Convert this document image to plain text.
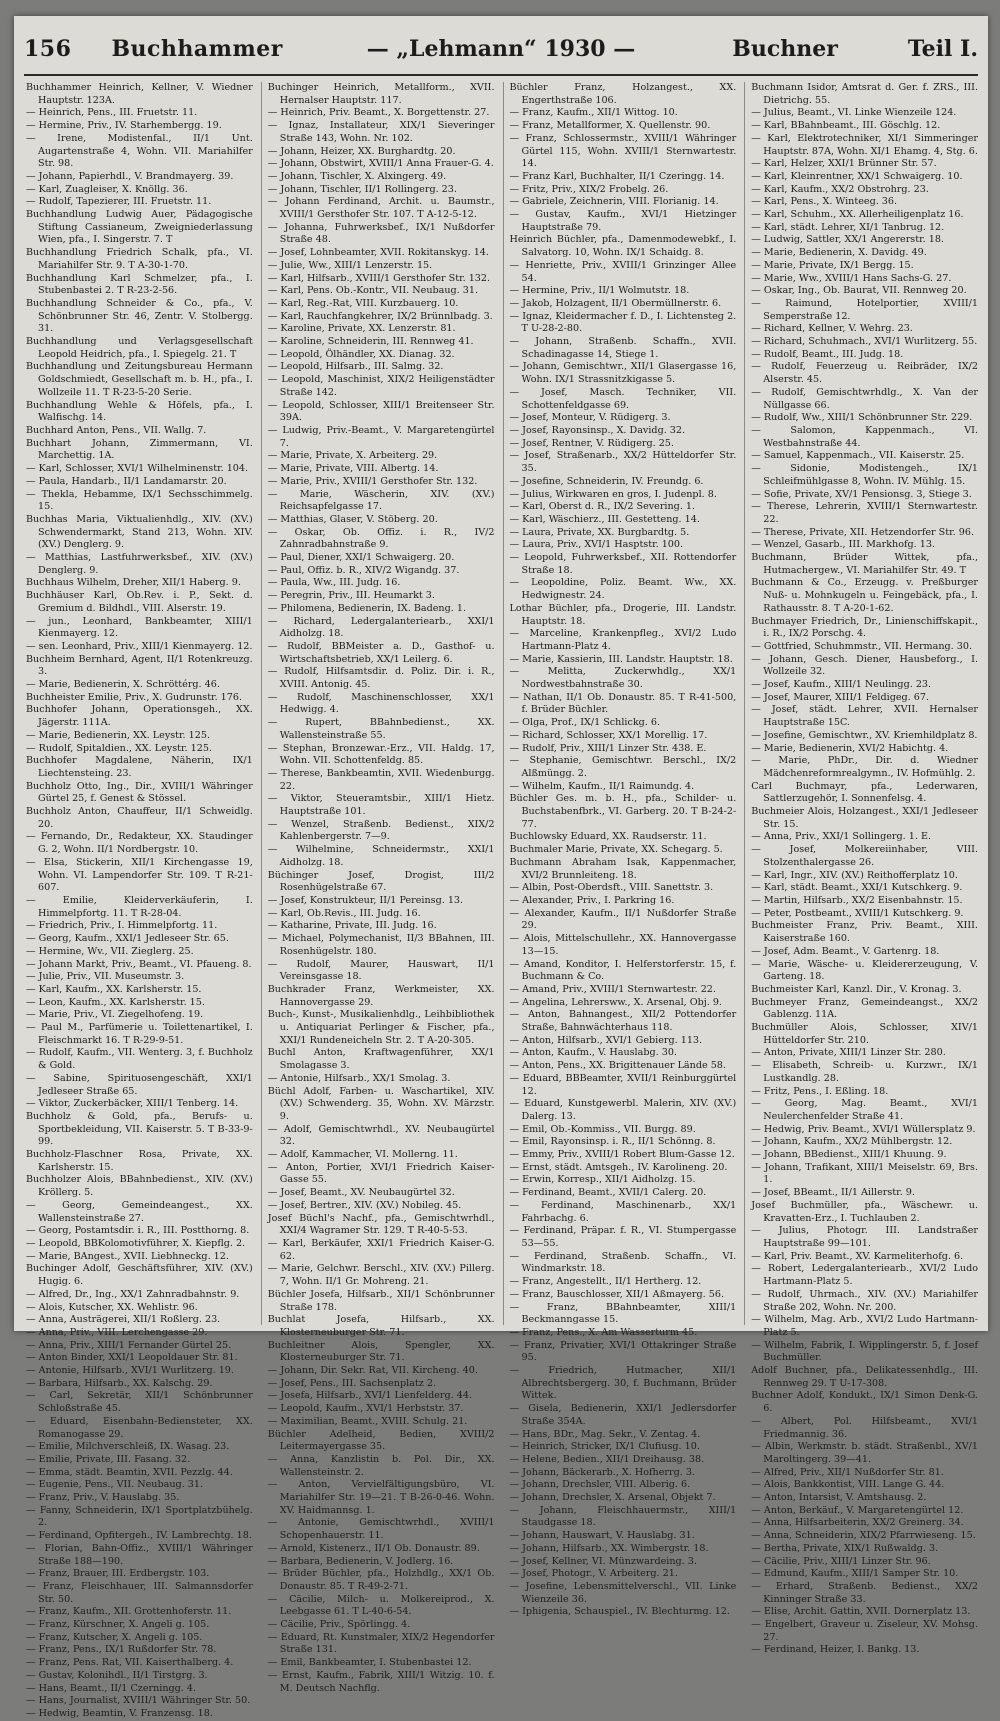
156 Buchhammer	— „Lehmann“ 1930 —	Buchner	Teil I.
Buchhammer Heinrich, Kellner, V. Wiedner Hauptstr. 123A.
— Heinrich, Pens., III. Fruetstr. 11.
— Hermine, Priv., IV. Starhembergg. 19.
— Irene, Modistenfal., II/1 Unt. Augartenstraße 4, Wohn. VII. Mariahilfer Str. 98.
— Johann, Papierhdl., V. Brandmayerg. 39.
— Karl, Zuagleiser, X. Knöllg. 36.
— Rudolf, Tapezierer, III. Fruetstr. 11.
Buchhandlung Ludwig Auer, Pädagogische Stiftung Cassianeum, Zweigniederlassung Wien, pfa., I. Singerstr. 7. T
Buchhandlung Friedrich Schalk, pfa., VI. Mariahilfer Str. 9. T A-30-1-70.
Buchhandlung Karl Schmelzer, pfa., I. Stubenbastei 2. T R-23-2-56.
Buchhandlung Schneider & Co., pfa., V. Schönbrunner Str. 46, Zentr. V. Stolbergg. 31.
Buchhandlung und Verlagsgesellschaft Leopold Heidrich, pfa., I. Spiegelg. 21. T
Buchhandlung und Zeitungsbureau Hermann Goldschmiedt, Gesellschaft m. b. H., pfa., I. Wollzeile 11. T R-23-5-20 Serie.
Buchhandlung Wehle & Höfels, pfa., I. Walfischg. 14.
Buchhard Anton, Pens., VII. Wallg. 7.
Buchhart Johann, Zimmermann, VI. Marchettig. 1A.
— Karl, Schlosser, XVI/1 Wilhelminenstr. 104.
— Paula, Handarb., II/1 Landamarstr. 20.
— Thekla, Hebamme, IX/1 Sechsschimmelg. 15.
Buchhas Maria, Viktualienhdlg., XIV. (XV.) Schwendermarkt, Stand 213, Wohn. XIV. (XV.) Denglerg. 9.
— Matthias, Lastfuhrwerksbef., XIV. (XV.) Denglerg. 9.
Buchhaus Wilhelm, Dreher, XII/1 Haberg. 9.
Buchhäuser Karl, Ob.Rev. i. P., Sekt. d. Gremium d. Bildhdl., VIII. Alserstr. 19.
— jun., Leonhard, Bankbeamter, XIII/1 Kienmayerg. 12.
— sen. Leonhard, Priv., XIII/1 Kienmayerg. 12.
Buchheim Bernhard, Agent, II/1 Rotenkreuzg. 3.
— Marie, Bedienerin, X. Schröttérg. 46.
Buchheister Emilie, Priv., X. Gudrunstr. 176.
Buchhofer Johann, Operationsgeh., XX. Jägerstr. 111A.
— Marie, Bedienerin, XX. Leystr. 125.
— Rudolf, Spitaldien., XX. Leystr. 125.
Buchhofer Magdalene, Näherin, IX/1 Liechtensteing. 23.
Buchholz Otto, Ing., Dir., XVIII/1 Währinger Gürtel 25, f. Genest & Stössel.
Buchholz Anton, Chauffeur, II/1 Schweidlg. 20.
— Fernando, Dr., Redakteur, XX. Staudinger G. 2, Wohn. II/1 Nordbergstr. 10.
— Elsa, Stickerin, XII/1 Kirchengasse 19, Wohn. VI. Lampendorfer Str. 109. T R-21-607.
— Emilie, Kleiderverkäuferin, I. Himmelpfortg. 11. T R-28-04.
— Friedrich, Priv., I. Himmelpfortg. 11.
— Georg, Kaufm., XXI/1 Jedleseer Str. 65.
— Hermine, Wv., VII. Zieglerg. 25.
— Johann Markt, Priv., Beamt., VI. Pfaueng. 8.
— Julie, Priv., VII. Museumstr. 3.
— Karl, Kaufm., XX. Karlsherstr. 15.
— Leon, Kaufm., XX. Karlsherstr. 15.
— Marie, Priv., VI. Ziegelhofeng. 19.
— Paul M., Parfümerie u. Toilettenartikel, I. Fleischmarkt 16. T R-29-9-51.
— Rudolf, Kaufm., VII. Wenterg. 3, f. Buchholz & Gold.
— Sabine, Spirituosengeschäft, XXI/1 Jedleseer Straße 65.
— Viktor, Zuckerbäcker, XIII/1 Tenberg. 14.
Buchholz & Gold, pfa., Berufs- u. Sportbekleidung, VII. Kaiserstr. 5. T B-33-9-99.
Buchholz-Flaschner Rosa, Private, XX. Karlsherstr. 15.
Buchholzer Alois, BBahnbedienst., XIV. (XV.) Kröllerg. 5.
— Georg, Gemeindeangest., XX. Wallensteinstraße 27.
— Georg, Postamtsdir. i. R., III. Postthorng. 8.
— Leopold, BBKolomotivführer, X. Kiepflg. 2.
— Marie, BAngest., XVII. Liebhneckg. 12.
Buchinger Adolf, Geschäftsführer, XIV. (XV.) Hugig. 6.
— Alfred, Dr., Ing., XX/1 Zahnradbahnstr. 9.
— Alois, Kutscher, XX. Wehlistr. 96.
— Anna, Austrägerei, XII/1 Roßlerg. 23.
— Anna, Priv., VIII. Lerchengasse 29.
— Anna, Priv., XIII/1 Fernander Gürtel 25.
— Anton Binder, XXI/1 Leopoldauer Str. 81.
— Antonie, Hilfsarb., XVI/1 Wurlitzerg. 19.
— Barbara, Hilfsarb., XX. Kalschg. 29.
— Carl, Sekretär, XII/1 Schönbrunner Schloßstraße 45.
— Eduard, Eisenbahn-Bediensteter, XX. Romanogasse 29.
— Emilie, Milchverschleiß, IX. Wasag. 23.
— Emilie, Private, III. Fasang. 32.
— Emma, städt. Beamtin, XVII. Pezzlg. 44.
— Eugenie, Pens., VII. Neubaug. 31.
— Franz, Priv., V. Hauslabg. 35.
— Fanny, Schneiderin, IX/1 Sportplatzbühelg. 2.
— Ferdinand, Opfitergeh., IV. Lambrechtg. 18.
— Florian, Bahn-Offiz., XVIII/1 Währinger Straße 188—190.
— Franz, Brauer, III. Erdbergstr. 103.
— Franz, Fleischhauer, III. Salmannsdorfer Str. 50.
— Franz, Kaufm., XII. Grottenhoferstr. 11.
— Franz, Kürschner, X. Angeli g. 105.
— Franz, Kutscher, X. Angeli g. 105.
— Franz, Pens., IX/1 Rußdorfer Str. 78.
— Franz, Pens. Rat, VII. Kaiserthalberg. 4.
— Gustav, Kolonihdl., II/1 Tirstgrg. 3.
— Hans, Beamt., II/1 Czerningg. 4.
— Hans, Journalist, XVIII/1 Währinger Str. 50.
— Hedwig, Beamtin, V. Franzensg. 18.
Buchinger Heinrich, Metallform., XVII. Hernalser Hauptstr. 117.
— Heinrich, Priv. Beamt., X. Borgettenstr. 27.
— Ignaz, Installateur, XIX/1 Sieveringer Straße 143, Wohn. Nr. 102.
— Johann, Heizer, XX. Burghardtg. 20.
— Johann, Obstwirt, XVIII/1 Anna Frauer-G. 4.
— Johann, Tischler, X. Alxingerg. 49.
— Johann, Tischler, II/1 Rollingerg. 23.
— Johann Ferdinand, Archit. u. Baumstr., XVIII/1 Gersthofer Str. 107. T A-12-5-12.
— Johanna, Fuhrwerksbef., IX/1 Nußdorfer Straße 48.
— Josef, Lohnbeamter, XVII. Rokitanskyg. 14.
— Julie, Ww., XIII/1 Lenzerstr. 15.
— Karl, Hilfsarb., XVIII/1 Gersthofer Str. 132.
— Karl, Pens. Ob.-Kontr., VII. Neubaug. 31.
— Karl, Reg.-Rat, VIII. Kurzbauerg. 10.
— Karl, Rauchfangkehrer, IX/2 Brünnlbadg. 3.
— Karoline, Private, XX. Lenzerstr. 81.
— Karoline, Schneiderin, III. Rennweg 41.
— Leopold, Ölhändler, XX. Dianag. 32.
— Leopold, Hilfsarb., III. Salmg. 32.
— Leopold, Maschinist, XIX/2 Heiligenstädter Straße 142.
— Leopold, Schlosser, XIII/1 Breitenseer Str. 39A.
— Ludwig, Priv.-Beamt., V. Margaretengürtel 7.
— Marie, Private, X. Arbeiterg. 29.
— Marie, Private, VIII. Albertg. 14.
— Marie, Priv., XVIII/1 Gersthofer Str. 132.
— Marie, Wäscherin, XIV. (XV.) Reichsapfelgasse 17.
— Matthias, Glaser, V. Stöberg. 20.
— Oskar, Ob. Offiz. i. R., IV/2 Zahnradbahnstraße 9.
— Paul, Diener, XXI/1 Schwaigerg. 20.
— Paul, Offiz. b. R., XIV/2 Wigandg. 37.
— Paula, Ww., III. Judg. 16.
— Peregrin, Priv., III. Heumarkt 3.
— Philomena, Bedienerin, IX. Badeng. 1.
— Richard, Ledergalanteriearb., XXI/1 Aidholzg. 18.
— Rudolf, BBMeister a. D., Gasthof- u. Wirtschaftsbetrieb, XX/1 Leilerg. 6.
— Rudolf, Hilfsamtsdir. d. Poliz. Dir. i. R., XVIII. Antonig. 45.
— Rudolf, Maschinenschlosser, XX/1 Hedwigg. 4.
— Rupert, BBahnbedienst., XX. Wallensteinstraße 55.
— Stephan, Bronzewar.-Erz., VII. Haldg. 17, Wohn. VII. Schottenfeldg. 85.
— Therese, Bankbeamtin, XVII. Wiedenburgg. 22.
— Viktor, Steueramtsbir., XIII/1 Hietz. Hauptstraße 101.
— Wenzel, Straßenb. Bedienst., XIX/2 Kahlenbergerstr. 7—9.
— Wilhelmine, Schneidermstr., XXI/1 Aidholzg. 18.
Büchinger Josef, Drogist, III/2 Rosenhügelstraße 67.
— Josef, Konstrukteur, II/1 Pereinsg. 13.
— Karl, Ob.Revis., III. Judg. 16.
— Katharine, Private, III. Judg. 16.
— Michael, Polymechanist, II/3 BBahnen, III. Rosenhügelstr. 180.
— Rudolf, Maurer, Hauswart, II/1 Vereinsgasse 18.
Buchkrader Franz, Werkmeister, XX. Hannovergasse 29.
Buch-, Kunst-, Musikalienhdlg., Leihbibliothek u. Antiquariat Perlinger & Fischer, pfa., XXI/1 Rundeneicheln Str. 2. T A-20-305.
Buchl Anton, Kraftwagenführer, XX/1 Smolagasse 3.
— Antonie, Hilfsarb., XX/1 Smolag. 3.
Büchl Adolf, Farben- u. Waschartikel, XIV. (XV.) Schwenderg. 35, Wohn. XV. Märzstr. 9.
— Adolf, Gemischtwrhdl., XV. Neubaugürtel 32.
— Adolf, Kammacher, VI. Mollerng. 11.
— Anton, Portier, XVI/1 Friedrich Kaiser-Gasse 55.
— Josef, Beamt., XV. Neubaugürtel 32.
— Josef, Bertrer., XIV. (XV.) Nobileg. 45.
Josef Büchl's Nachf., pfa., Gemischtwrhdl., XXI/4 Wagramer Str. 129. T R-40-5-53.
— Karl, Berkäufer, XXI/1 Friedrich Kaiser-G. 62.
— Marie, Gelchwr. Berschl., XIV. (XV.) Pillerg. 7, Wohn. II/1 Gr. Mohreng. 21.
Büchler Josefa, Hilfsarb., XII/1 Schönbrunner Straße 178.
Buchlat Josefa, Hilfsarb., XX. Klosterneuburger Str. 71.
Buchleitner Alois, Spengler, XX. Klosterneuburger Str. 71.
— Johann, Dir. Sekr. Rat, VII. Kircheng. 40.
— Josef, Pens., III. Sachsenplatz 2.
— Josefa, Hilfsarb., XVI/1 Lienfelderg. 44.
— Leopold, Kaufm., XVI/1 Herbststr. 37.
— Maximilian, Beamt., XVIII. Schulg. 21.
Büchler Adelheid, Bedien, XVIII/2 Leitermayergasse 35.
— Anna, Kanzlistin b. Pol. Dir., XX. Wallensteinstr. 2.
— Anton, Vervielfältigungsbüro, VI. Mariahilfer Str. 19—21. T B-26-0-46. Wohn. XV. Haidmannsg. 1.
— Antonie, Gemischtwrhdl., XVIII/1 Schopenhauerstr. 11.
— Arnold, Kistenerz., II/1 Ob. Donaustr. 89.
— Barbara, Bedienerin, V. Jodlerg. 16.
— Brüder Büchler, pfa., Holzhdlg., XX/1 Ob. Donaustr. 85. T R-49-2-71.
— Cäcilie, Milch- u. Molkereiprod., X. Leebgasse 61. T L-40-6-54.
— Cäcilie, Priv., Spörlingg. 4.
— Eduard, Rt. Kunstmaler, XIX/2 Hegendorfer Straße 131.
— Emil, Bankbeamter, I. Stubenbastei 12.
— Ernst, Kaufm., Fabrik, XIII/1 Witzig. 10. f. M. Deutsch Nachflg.
Büchler Franz, Holzangest., XX. Engerthstraße 106.
— Franz, Kaufm., XII/1 Wittog. 10.
— Franz, Metallformer, X. Quellenstr. 90.
— Franz, Schlossermstr., XVIII/1 Währinger Gürtel 115, Wohn. XVIII/1 Sternwartestr. 14.
— Franz Karl, Buchhalter, II/1 Czeringg. 14.
— Fritz, Priv., XIX/2 Frobelg. 26.
— Gabriele, Zeichnerin, VIII. Florianig. 14.
— Gustav, Kaufm., XVI/1 Hietzinger Hauptstraße 79.
Heinrich Büchler, pfa., Damenmodewebkf., I. Salvatorg. 10, Wohn. IX/1 Schaidg. 8.
— Henriette, Priv., XVIII/1 Grinzinger Allee 54.
— Hermine, Priv., II/1 Wolmutstr. 18.
— Jakob, Holzagent, II/1 Obermüllnerstr. 6.
— Ignaz, Kleidermacher f. D., I. Lichtensteg 2. T U-28-2-80.
— Johann, Straßenb. Schaffn., XVII. Schadinagasse 14, Stiege 1.
— Johann, Gemischtwr., XII/1 Glasergasse 16, Wohn. IX/1 Strassnitzkigasse 5.
— Josef, Masch. Techniker, VII. Schottenfeldgasse 69.
— Josef, Monteur, V. Rüdigerg. 3.
— Josef, Rayonsinsp., X. Davidg. 32.
— Josef, Rentner, V. Rüdigerg. 25.
— Josef, Straßenarb., XX/2 Hütteldorfer Str. 35.
— Josefine, Schneiderin, IV. Freundg. 6.
— Julius, Wirkwaren en gros, I. Judenpl. 8.
— Karl, Oberst d. R., IX/2 Severing. 1.
— Karl, Wäschierz., III. Gestetteng. 14.
— Laura, Private, XX. Burgbardtg. 5.
— Laura, Priv., XVI/1 Hasptstr. 100.
— Leopold, Fuhrwerksbef., XII. Rottendorfer Straße 18.
— Leopoldine, Poliz. Beamt. Ww., XX. Hedwignestr. 24.
Lothar Büchler, pfa., Drogerie, III. Landstr. Hauptstr. 18.
— Marceline, Krankenpfleg., XVI/2 Ludo Hartmann-Platz 4.
— Marie, Kassierin, III. Landstr. Hauptstr. 18.
— Melitta, Zuckerwhdlg., XX/1 Nordwestbahnstraße 30.
— Nathan, II/1 Ob. Donaustr. 85. T R-41-500, f. Brüder Büchler.
— Olga, Prof., IX/1 Schlickg. 6.
— Richard, Schlosser, XX/1 Morellig. 17.
— Rudolf, Priv., XIII/1 Linzer Str. 438. E.
— Stephanie, Gemischtwr. Berschl., IX/2 Alßmüngg. 2.
— Wilhelm, Kaufm., II/1 Raimundg. 4.
Büchler Ges. m. b. H., pfa., Schilder- u. Buchstabenfbrk., VI. Garberg. 20. T B-24-2-77.
Buchlowsky Eduard, XX. Raudserstr. 11.
Buchmaler Marie, Private, XX. Schegarg. 5.
Buchmann Abraham Isak, Kappenmacher, XVI/2 Brunnleiteng. 18.
— Albin, Post-Oberdsft., VIII. Sanettstr. 3.
— Alexander, Priv., I. Parkring 16.
— Alexander, Kaufm., II/1 Nußdorfer Straße 29.
— Alois, Mittelschullehr., XX. Hannovergasse 13—15.
— Amand, Konditor, I. Helferstorferstr. 15, f. Buchmann & Co.
— Amand, Priv., XVIII/1 Sternwartestr. 22.
— Angelina, Lehrersww., X. Arsenal, Obj. 9.
— Anton, Bahnangest., XII/2 Pottendorfer Straße, Bahnwächterhaus 118.
— Anton, Hilfsarb., XVI/1 Gebierg. 113.
— Anton, Kaufm., V. Hauslabg. 30.
— Anton, Pens., XX. Brigittenauer Lände 58.
— Eduard, BBBeamter, XVII/1 Reinburggürtel 12.
— Eduard, Kunstgewerbl. Malerin, XIV. (XV.) Dalerg. 13.
— Emil, Ob.-Kommiss., VII. Burgg. 89.
— Emil, Rayonsinsp. i. R., II/1 Schönng. 8.
— Emmy, Priv., XVIII/1 Robert Blum-Gasse 12.
— Ernst, städt. Amtsgeh., IV. Karolineng. 20.
— Erwin, Korresp., XII/1 Aidholzg. 15.
— Ferdinand, Beamt., XVII/1 Calerg. 20.
— Ferdinand, Maschinenarb., XX/1 Fahrbachg. 6.
— Ferdinand, Präpar. f. R., VI. Stumpergasse 53—55.
— Ferdinand, Straßenb. Schaffn., VI. Windmarkstr. 18.
— Franz, Angestellt., II/1 Hertherg. 12.
— Franz, Bauschlosser, XII/1 Aßmayerg. 56.
— Franz, BBahnbeamter, XIII/1 Beckmanngasse 15.
— Franz, Pens., X. Am Wasserturm 45.
— Franz, Privatier, XVI/1 Ottakringer Straße 95.
— Friedrich, Hutmacher, XII/1 Albrechtsbergerg. 30, f. Buchmann, Brüder Wittek.
— Gisela, Bedienerin, XXI/1 Jedlersdorfer Straße 354A.
— Hans, BDr., Mag. Sekr., V. Zentag. 4.
— Heinrich, Stricker, IX/1 Clufiusg. 10.
— Helene, Bedien., XII/1 Dreihausg. 38.
— Johann, Bäckerarb., X. Hofherrg. 3.
— Johann, Drechsler, VIII. Alberig. 6.
— Johann, Drechsler, X. Arsenal, Objekt 7.
— Johann, Fleischhauermstr., XIII/1 Staudgasse 18.
— Johann, Hauswart, V. Hauslabg. 31.
— Johann, Hilfsarb., XX. Wimbergstr. 18.
— Josef, Kellner, VI. Münzwardeing. 3.
— Josef, Photogr., V. Arbeiterg. 21.
— Josefine, Lebensmittelverschl., VII. Linke Wienzeile 36.
— Iphigenia, Schauspiel., IV. Blechturmg. 12.
Buchmann Isidor, Amtsrat d. Ger. f. ZRS., III. Dietrichg. 55.
— Julius, Beamt., VI. Linke Wienzeile 124.
— Karl, BBahnbeamt., III. Göschlg. 12.
— Karl, Elektrotechniker, XI/1 Simmeringer Hauptstr. 87A, Wohn. XI/1 Ehamg. 4, Stg. 6.
— Karl, Helzer, XXI/1 Brünner Str. 57.
— Karl, Kleinrentner, XX/1 Schwaigerg. 10.
— Karl, Kaufm., XX/2 Obstrohrg. 23.
— Karl, Pens., X. Winteeg. 36.
— Karl, Schuhm., XX. Allerheiligenplatz 16.
— Karl, städt. Lehrer, XI/1 Tanbrug. 12.
— Ludwig, Sattler, XX/1 Angererstr. 18.
— Marie, Bedienerin, X. Davidg. 49.
— Marie, Private, IX/1 Bergg. 15.
— Marie, Ww., XVIII/1 Hans Sachs-G. 27.
— Oskar, Ing., Ob. Baurat, VII. Rennweg 20.
— Raimund, Hotelportier, XVIII/1 Semperstraße 12.
— Richard, Kellner, V. Wehrg. 23.
— Richard, Schuhmach., XVI/1 Wurlitzerg. 55.
— Rudolf, Beamt., III. Judg. 18.
— Rudolf, Feuerzeug u. Reibräder, IX/2 Alserstr. 45.
— Rudolf, Gemischtwrhdlg., X. Van der Nüllgasse 66.
— Rudolf, Ww., XIII/1 Schönbrunner Str. 229.
— Salomon, Kappenmach., VI. Westbahnstraße 44.
— Samuel, Kappenmach., VII. Kaiserstr. 25.
— Sidonie, Modistengeh., IX/1 Schleifmühlgasse 8, Wohn. IV. Mühlg. 15.
— Sofie, Private, XV/1 Pensionsg. 3, Stiege 3.
— Therese, Lehrerin, XVIII/1 Sternwartestr. 22.
— Therese, Private, XII. Hetzendorfer Str. 96.
— Wenzel, Gasarb., III. Markhofg. 13.
Buchmann, Brüder Wittek, pfa., Hutmachergew., VI. Mariahilfer Str. 49. T
Buchmann & Co., Erzeugg. v. Preßburger Nuß- u. Mohnkugeln u. Feingebäck, pfa., I. Rathausstr. 8. T A-20-1-62.
Buchmayer Friedrich, Dr., Linienschiffskapit., i. R., IX/2 Porschg. 4.
— Gottfried, Schuhmmstr., VII. Hermang. 30.
— Johann, Gesch. Diener, Hausbeforg., I. Wollzeile 32.
— Josef, Kaufm., XIII/1 Neulingg. 23.
— Josef, Maurer, XIII/1 Feldigeg. 67.
— Josef, städt. Lehrer, XVII. Hernalser Hauptstraße 15C.
— Josefine, Gemischtwr., XV. Kriemhildplatz 8.
— Marie, Bedienerin, XVI/2 Habichtg. 4.
— Marie, PhDr., Dir. d. Wiedner Mädchenreformrealgymn., IV. Hofmühlg. 2.
Carl Buchmayr, pfa., Lederwaren, Sattlerzugehör, I. Sonnenfelsg. 4.
Buchmeier Alois, Holzangest., XXI/1 Jedleseer Str. 15.
— Anna, Priv., XXI/1 Sollingerg. 1. E.
— Josef, Molkereiinhaber, VIII. Stolzenthalergasse 26.
— Karl, Ingr., XIV. (XV.) Reithofferplatz 10.
— Karl, städt. Beamt., XXI/1 Kutschkerg. 9.
— Martin, Hilfsarb., XX/2 Eisenbahnstr. 15.
— Peter, Postbeamt., XVIII/1 Kutschkerg. 9.
Buchmeister Franz, Priv. Beamt., XIII. Kaiserstraße 160.
— Josef, Adm. Beamt., V. Gartenrg. 18.
— Marie, Wäsche- u. Kleidererzeugung, V. Garteng. 18.
Buchmeister Karl, Kanzl. Dir., V. Kronag. 3.
Buchmeyer Franz, Gemeindeangst., XX/2 Gablenzg. 11A.
Buchmüller Alois, Schlosser, XIV/1 Hütteldorfer Str. 210.
— Anton, Private, XIII/1 Linzer Str. 280.
— Elisabeth, Schreib- u. Kurzwr., IX/1 Lustkandlg. 28.
— Fritz, Pens., I. Eßling. 18.
— Georg, Mag. Beamt., XVI/1 Neulerchenfelder Straße 41.
— Hedwig, Priv. Beamt., XVI/1 Wüllersplatz 9.
— Johann, Kaufm., XX/2 Mühlbergstr. 12.
— Johann, BBedienst., XIII/1 Khuung. 9.
— Johann, Trafikant, XIII/1 Meiselstr. 69, Brs. 1.
— Josef, BBeamt., II/1 Aillerstr. 9.
Josef Buchmüller, pfa., Wäschewr. u. Kravatten-Erz., I. Tuchlauben 2.
— Julius, Photogr. III. Landstraßer Hauptstraße 99—101.
— Karl, Priv. Beamt., XV. Karmeliterhofg. 6.
— Robert, Ledergalanteriearb., XVI/2 Ludo Hartmann-Platz 5.
— Rudolf, Uhrmach., XIV. (XV.) Mariahilfer Straße 202, Wohn. Nr. 200.
— Wilhelm, Mag. Arb., XVI/2 Ludo Hartmann-Platz 5.
— Wilhelm, Fabrik, I. Wipplingerstr. 5, f. Josef Buchmüller.
Adolf Buchner, pfa., Delikatessenhdlg., III. Rennweg 29. T U-17-308.
Buchner Adolf, Kondukt., IX/1 Simon Denk-G. 6.
— Albert, Pol. Hilfsbeamt., XVI/1 Friedmannig. 36.
— Albin, Werkmstr. b. städt. Straßenbl., XV/1 Maroltingerg. 39—41.
— Alfred, Priv., XII/1 Nußdorfer Str. 81.
— Alois, Bankkontist, VIII. Lange G. 44.
— Anton, Intarsist, V. Amtshausg. 2.
— Anton, Berkäuf., V. Margaretengürtel 12.
— Anna, Hilfsarbeiterin, XX/2 Greinerg. 34.
— Anna, Schneiderin, XIX/2 Pfarrwieseng. 15.
— Bertha, Private, XIX/1 Rußwaldg. 3.
— Cäcilie, Priv., XIII/1 Linzer Str. 96.
— Edmund, Kaufm., XIII/1 Samper Str. 10.
— Erhard, Straßenb. Bedienst., XX/2 Kinninger Straße 33.
— Elise, Archit. Gattin, XVII. Dornerplatz 13.
— Engelbert, Graveur u. Ziseleur, XV. Mohsg. 27.
— Ferdinand, Heizer, I. Bankg. 13.
